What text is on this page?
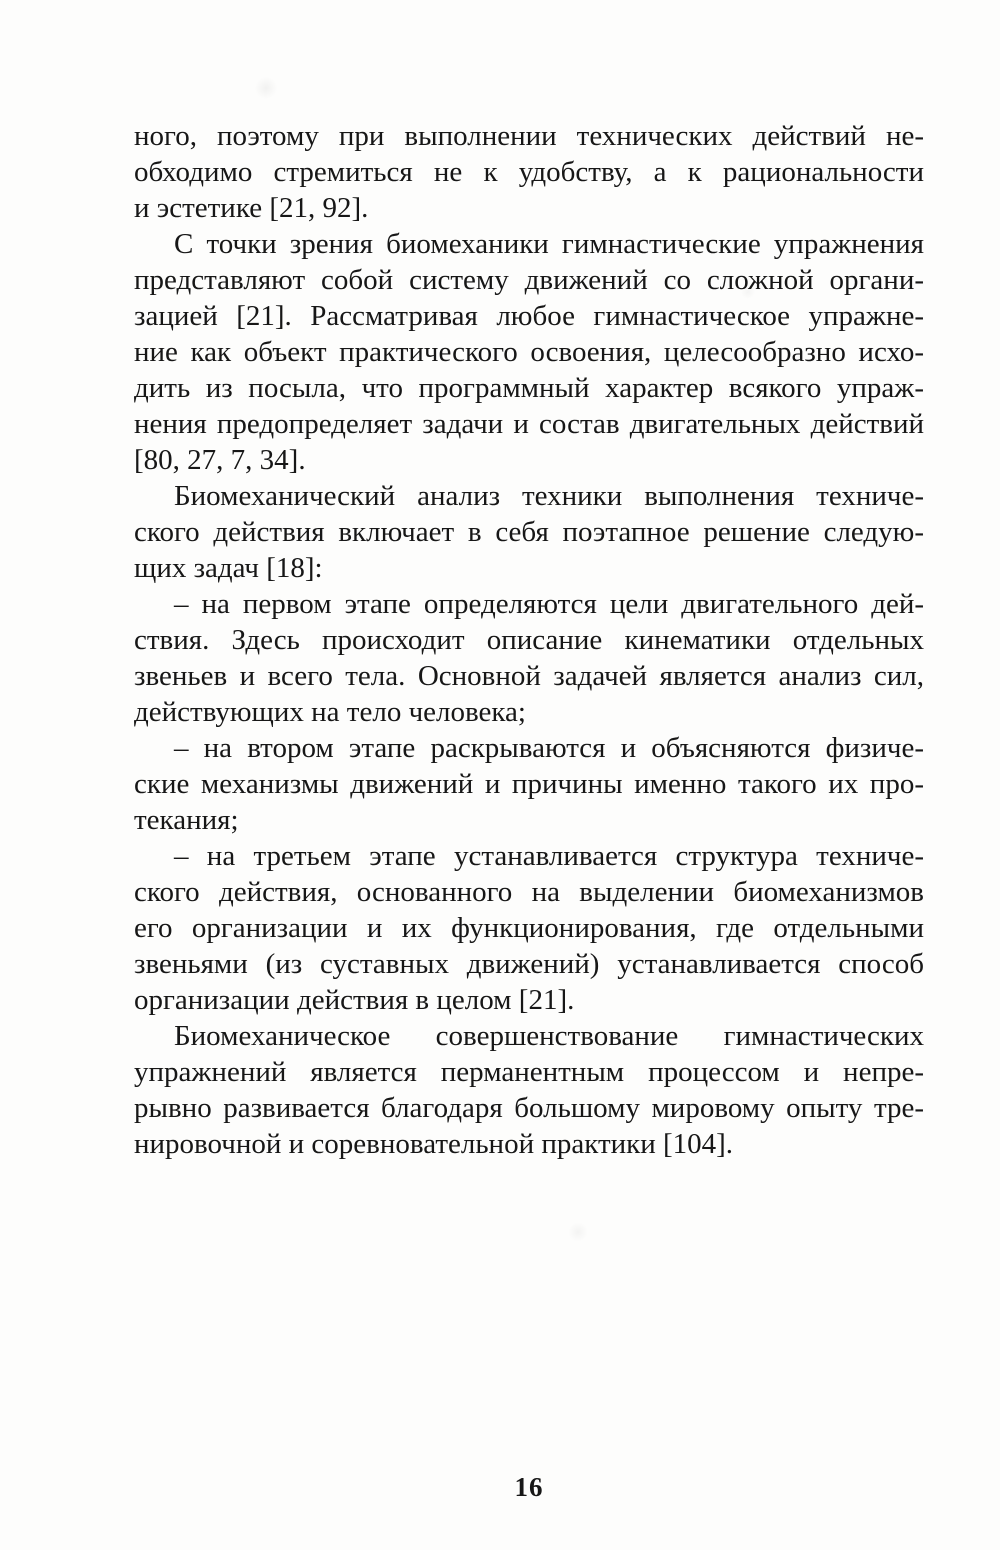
ного, поэтому при выполнении технических действий не-
обходимо стремиться не к удобству, а к рациональности
и эстетике [21, 92].
С точки зрения биомеханики гимнастические упражнения
представляют собой систему движений со сложной органи-
зацией [21]. Рассматривая любое гимнастическое упражне-
ние как объект практического освоения, целесообразно исхо-
дить из посыла, что программный характер всякого упраж-
нения предопределяет задачи и состав двигательных действий
[80, 27, 7, 34].
Биомеханический анализ техники выполнения техниче-
ского действия включает в себя поэтапное решение следую-
щих задач [18]:
– на первом этапе определяются цели двигательного дей-
ствия. Здесь происходит описание кинематики отдельных
звеньев и всего тела. Основной задачей является анализ сил,
действующих на тело человека;
– на втором этапе раскрываются и объясняются физиче-
ские механизмы движений и причины именно такого их про-
текания;
– на третьем этапе устанавливается структура техниче-
ского действия, основанного на выделении биомеханизмов
его организации и их функционирования, где отдельными
звеньями (из суставных движений) устанавливается способ
организации действия в целом [21].
Биомеханическое совершенствование гимнастических
упражнений является перманентным процессом и непре-
рывно развивается благодаря большому мировому опыту тре-
нировочной и соревновательной практики [104].
16
